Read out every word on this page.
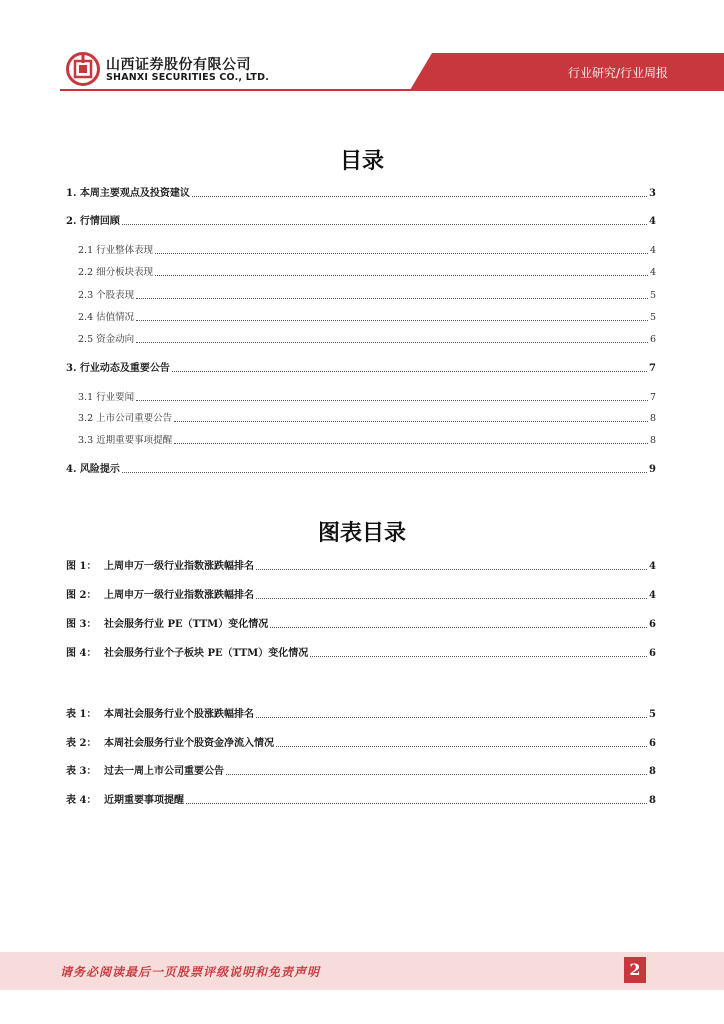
山西证券股份有限公司
SHANXI SECURITIES CO., LTD.	行业研究/行业周报
目录
1. 本周主要观点及投资建议	3
2. 行情回顾	4
2.1 行业整体表现	4
2.2 细分板块表现	4
2.3 个股表现	5
2.4 估值情况	5
2.5 资金动向	6
3. 行业动态及重要公告	7
3.1 行业要闻	7
3.2 上市公司重要公告	8
3.3 近期重要事项提醒	8
4. 风险提示	9
图表目录
图 1： 上周申万一级行业指数涨跌幅排名	4
图 2： 上周申万一级行业指数涨跌幅排名	4
图 3： 社会服务行业 PE（TTM）变化情况	6
图 4： 社会服务行业个子板块 PE（TTM）变化情况	6
表 1： 本周社会服务行业个股涨跌幅排名	5
表 2： 本周社会服务行业个股资金净流入情况	6
表 3： 过去一周上市公司重要公告	8
表 4： 近期重要事项提醒	8
请务必阅读最后一页股票评级说明和免责声明	2
